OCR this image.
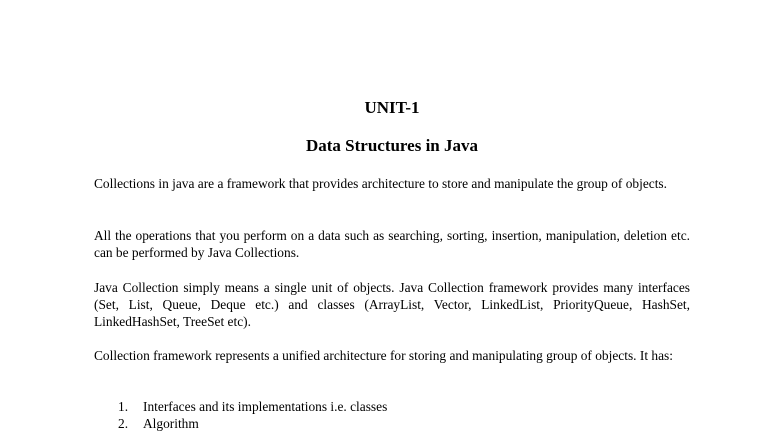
UNIT-1
Data Structures in Java

Collections in java are a framework that provides architecture to store and manipulate the group of objects.

All the operations that you perform on a data such as searching, sorting, insertion, manipulation, deletion etc. can be performed by Java Collections.

Java Collection simply means a single unit of objects. Java Collection framework provides many interfaces (Set, List, Queue, Deque etc.) and classes (ArrayList, Vector, LinkedList, PriorityQueue, HashSet, LinkedHashSet, TreeSet etc).

Collection framework represents a unified architecture for storing and manipulating group of objects. It has:

1.	Interfaces and its implementations i.e. classes
2.	Algorithm
